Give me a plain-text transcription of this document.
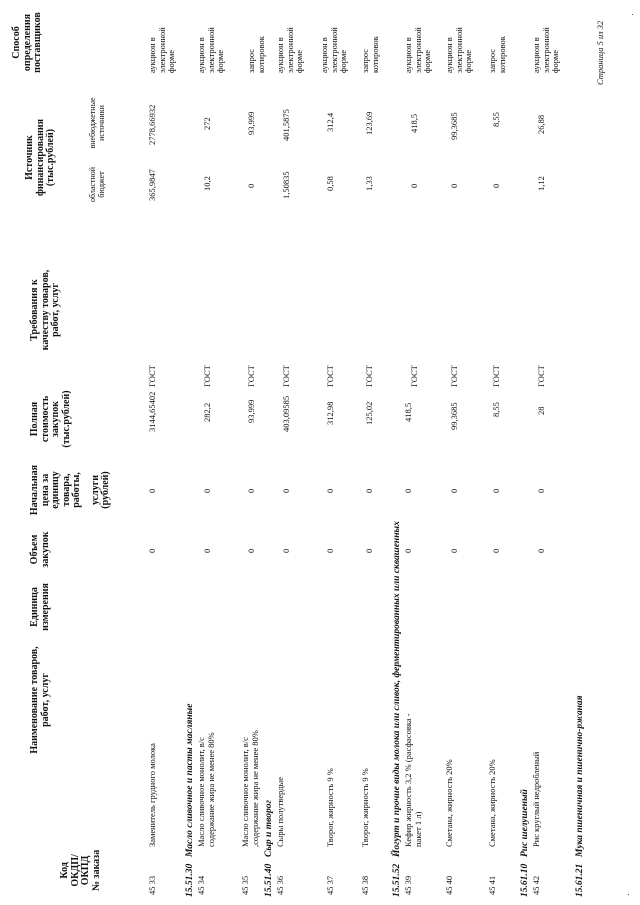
Код ОКДП/ ОКПД № заказа
Наименование товаров, работ, услуг
Единица измерения
Объем закупок
Начальная цена за единицу товара, работы, услуги (рублей)
Полная стоимость закупок (тыс.рублей)
Требования к качеству товаров, работ, услуг
Источник финансирования (тыс.рублей)	областной бюджет
внебюджетные источники
Способ определения поставщиков
45 33
Заменитель грудного молока
0
0
3144,65402
ГОСТ
365,9847
2778,66932
аукцион в электронной форме
15.51.30
Масло сливочное и пасты масляные
45 34
Масло сливочное монолит, в/с содержание жира не менее 80%
0
0
282,2
ГОСТ
10,2
272
аукцион в электронной форме
45 35
Масло сливочное монолит, в/с ,содержание жира не менее 80%
0
0
93,999
ГОСТ
0
93,999
запрос котировок
15.51.40
Сыр и творог
45 36
Сыры полутвердые
0
0
403,09585
ГОСТ
1,50835
401,5875
аукцион в электронной форме
45 37
Творог, жирность 9 %
0
0
312,98
ГОСТ
0,58
312,4
аукцион в электронной форме
45 38
Творог, жирность 9 %
0
0
125,02
ГОСТ
1,33
123,69
запрос котировок
15.51.52
Йогурт и прочие виды молока или сливок, ферментированных или сквашенных
45 39
Кефир жирность 3,2 % (расфасовка - пакет 1 л)
0
0
418,5
ГОСТ
0
418,5
аукцион в электронной форме
45 40
Сметана, жирность 20%
0
0
99,3685
ГОСТ
0
99,3685
аукцион в электронной форме
45 41
Сметана, жирность 20%
0
0
8,55
ГОСТ
0
8,55
запрос котировок
15.61.10
Рис шелушеный
45 42
Рис круглый недробленый
0
0
28
ГОСТ
1,12
26,88
аукцион в электронной форме
15.61.21
Мука пшеничная и пшенично-ржаная
Страница 5 из 32
